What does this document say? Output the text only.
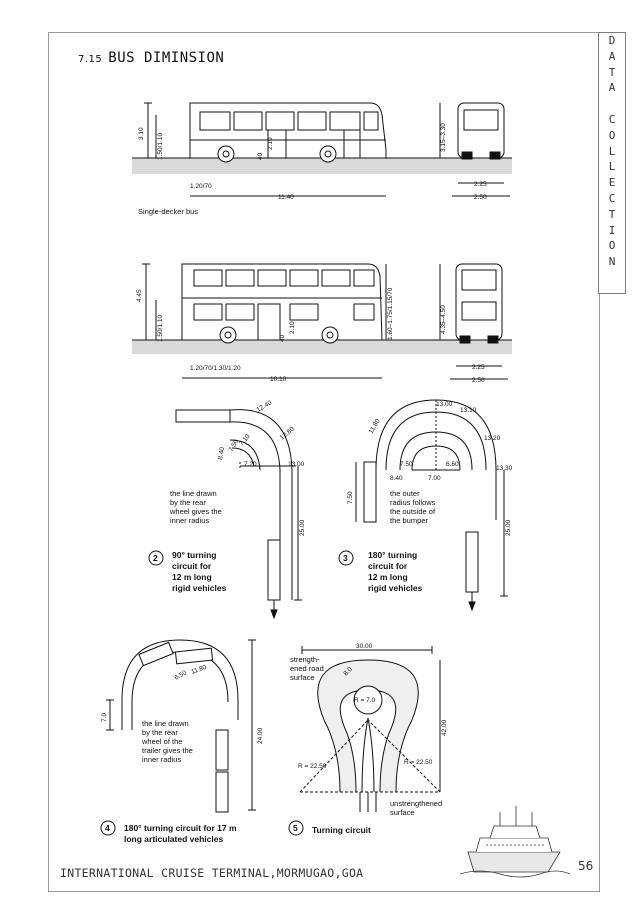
7.15 BUS DIMINSION
D
A
T
A

C
O
L
L
E
C
T
I
O
N
3.10 1.50/1.10	2.10
40
1.20/70
11.40
3.15–3.30
2.25
2.50
Single-decker bus
4.45
1.50/1.10	2.10
40	1.60–1.75/1.15/70
1.20/70/1.30/1.20
10.10
4.35–4.50
2.25
2.50
12.40
12.80
8.40
7.50
7.10
7.20	13.00
25.00
the line drawn
by the rear
wheel gives the
inner radius
2 90° turning
circuit for
12 m long
rigid vehicles
13.00
13.10
13.20
13.30
11.80
7.50
8.40	7.00
6.60
7.50
25.00
the outer
radius follows
the outside of
the bumper
3 180° turning
circuit for
12 m long
rigid vehicles
6.50 11.80
7.0
24.00
the line drawn
by the rear
wheel of the
trailer gives the
inner radius
4 180° turning circuit for 17 m
long articulated vehicles
30.00
strength-
ened road
surface
8.0
R = 7.0
42.00
R = 22.50
R = 22.50
unstrengthened
surface
5 Turning circuit
INTERNATIONAL CRUISE TERMINAL,MORMUGAO,GOA	56
